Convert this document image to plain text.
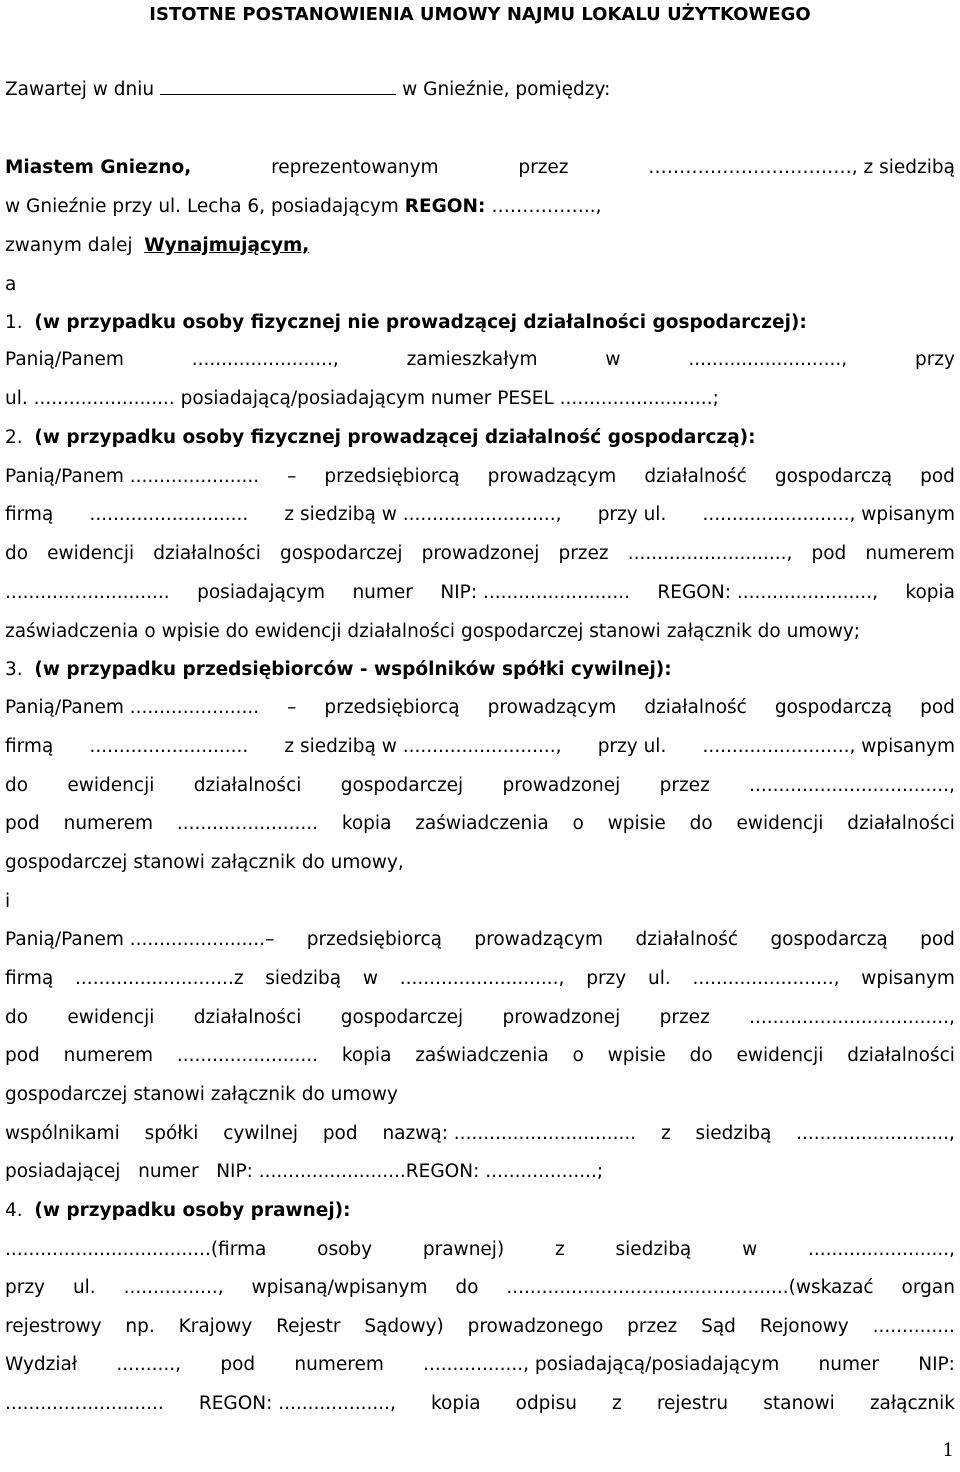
ISTOTNE POSTANOWIENIA UMOWY NAJMU LOKALU UŻYTKOWEGO
Zawartej w dniu	w Gnieźnie, pomiędzy:
Miastem Gniezno,	reprezentowanym	przez	……………………………, z siedzibą
w Gnieźnie przy ul. Lecha 6, posiadającym REGON: ……………..,
zwanym dalej Wynajmującym,
a
1. (w przypadku osoby fizycznej nie prowadzącej działalności gospodarczej):
Panią/Panem	........................,	zamieszkałym	w	..........................,	przy
ul. ........................ posiadającą/posiadającym numer PESEL ..........................;
2. (w przypadku osoby fizycznej prowadzącej działalność gospodarczą):
Panią/Panem ...................... – przedsiębiorcą prowadzącym działalność gospodarczą pod
firmą ........................... z siedzibą w .........................., przy ul. ........................., wpisanym
do ewidencji działalności gospodarczej prowadzonej przez ..........................., pod numerem
............................ posiadającym numer NIP: ......................... REGON: ......................., kopia
zaświadczenia o wpisie do ewidencji działalności gospodarczej stanowi załącznik do umowy;
3. (w przypadku przedsiębiorców - wspólników spółki cywilnej):
Panią/Panem ...................... – przedsiębiorcą prowadzącym działalność gospodarczą pod
firmą ........................... z siedzibą w .........................., przy ul. ........................., wpisanym
do ewidencji działalności gospodarczej prowadzonej przez ..................................,
pod numerem ........................ kopia zaświadczenia o wpisie do ewidencji działalności
gospodarczej stanowi załącznik do umowy,
i
Panią/Panem .......................– przedsiębiorcą prowadzącym działalność gospodarczą pod
firmą ...........................z siedzibą w ..........................., przy ul. ........................, wpisanym
do ewidencji działalności gospodarczej prowadzonej przez ..................................,
pod numerem ........................ kopia zaświadczenia o wpisie do ewidencji działalności
gospodarczej stanowi załącznik do umowy
wspólnikami spółki cywilnej pod nazwą: ............................... z siedzibą ..........................,
posiadającej numer NIP: .........................REGON: ...................;
4. (w przypadku osoby prawnej):
...................................(firma	osoby	prawnej)	z	siedzibą	w	........................,
przy ul. ................, wpisaną/wpisanym do ................................................(wskazać organ
rejestrowy np. Krajowy Rejestr Sądowy) prowadzonego przez Sąd Rejonowy ..............
Wydział .........., pod numerem ................., posiadającą/posiadającym numer NIP:
........................... REGON: ..................., kopia odpisu z rejestru stanowi załącznik
1
